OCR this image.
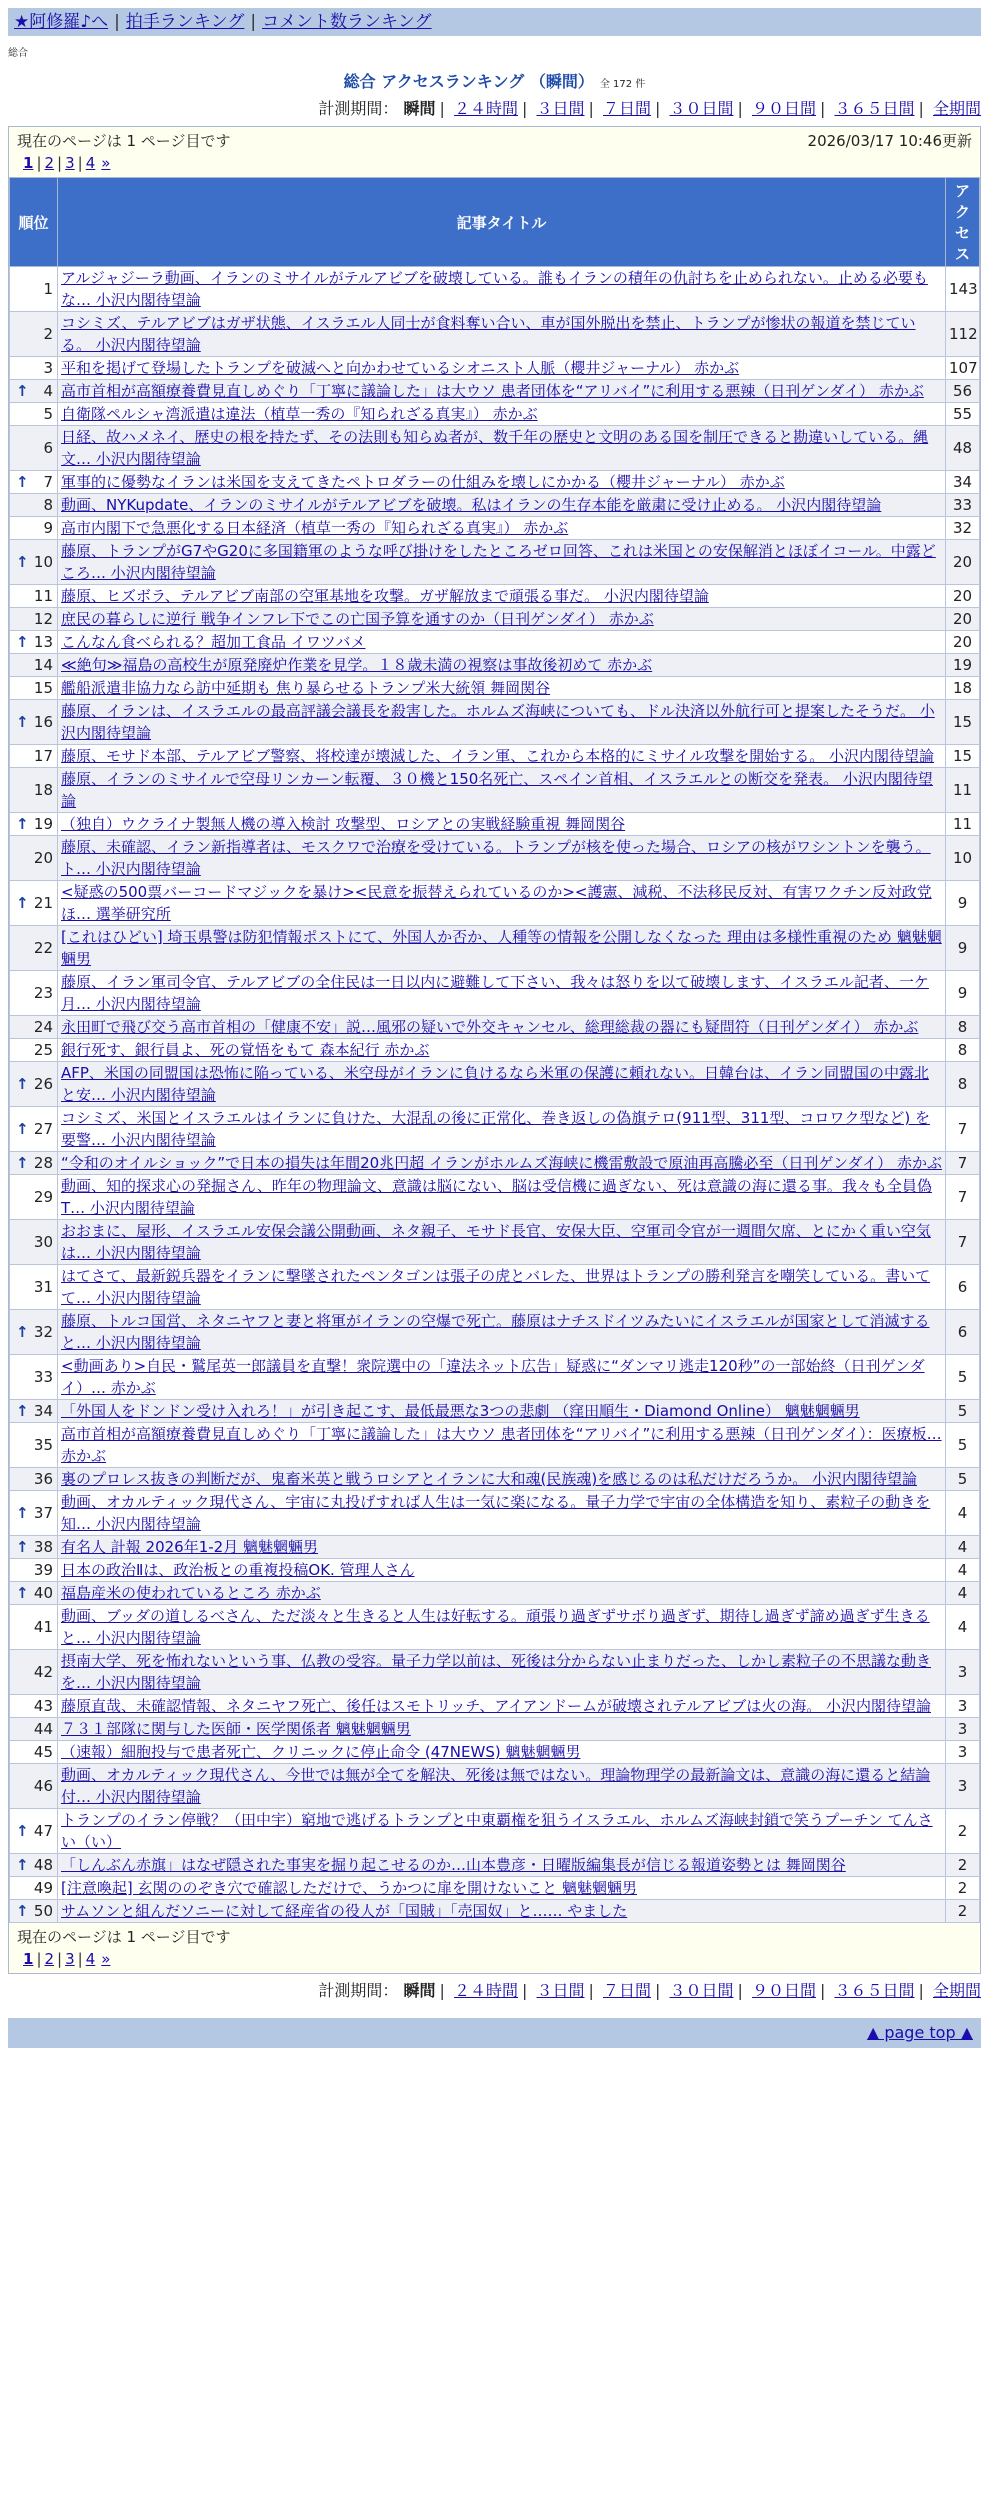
★阿修羅♪へ | 拍手ランキング | コメント数ランキング
総合
総合 アクセスランキング （瞬間） 全 172 件
計測期間： 瞬間 | ２４時間 | ３日間 | ７日間 | ３０日間 | ９０日間 | ３６５日間 | 全期間
現在のページは 1 ページ目です	2026/03/17 10:46更新
1 | 2 | 3 | 4 »
順位	記事タイトル	アクセス
1	アルジャジーラ動画、イランのミサイルがテルアビブを破壊している。誰もイランの積年の仇討ちを止められない。止める必要もな… 小沢内閣待望論	143
2	コシミズ、テルアビブはガザ状態、イスラエル人同士が食料奪い合い、車が国外脱出を禁止、トランプが惨状の報道を禁じている。 小沢内閣待望論	112
3	平和を掲げて登場したトランプを破滅へと向かわせているシオニスト人脈（櫻井ジャーナル） 赤かぶ	107

↑ 4	高市首相が高額療養費見直しめぐり「丁寧に議論した」は大ウソ 患者団体を“アリバイ”に利用する悪辣（日刊ゲンダイ） 赤かぶ	56
5	自衛隊ペルシャ湾派遣は違法（植草一秀の『知られざる真実』） 赤かぶ	55
6	日経、故ハメネイ、歴史の根を持たず、その法則も知らぬ者が、数千年の歴史と文明のある国を制圧できると勘違いしている。縄文… 小沢内閣待望論	48

↑ 7	軍事的に優勢なイランは米国を支えてきたペトロダラーの仕組みを壊しにかかる（櫻井ジャーナル） 赤かぶ	34
8	動画、NYKupdate、イランのミサイルがテルアビブを破壊。私はイランの生存本能を厳粛に受け止める。 小沢内閣待望論	33
9	高市内閣下で急悪化する日本経済（植草一秀の『知られざる真実』） 赤かぶ	32

↑ 10	藤原、トランプがG7やG20に多国籍軍のような呼び掛けをしたところゼロ回答、これは米国との安保解消とほぼイコール。中露どころ… 小沢内閣待望論	20
11	藤原、ヒズボラ、テルアビブ南部の空軍基地を攻撃。ガザ解放まで頑張る事だ。 小沢内閣待望論	20
12	庶民の暮らしに逆行 戦争インフレ下でこの亡国予算を通すのか（日刊ゲンダイ） 赤かぶ	20

↑ 13	こんなん食べられる？超加工食品 イワツバメ	20
14	≪絶句≫福島の高校生が原発廃炉作業を見学。１８歳未満の視察は事故後初めて 赤かぶ	19
15	艦船派遣非協力なら訪中延期も 焦り暴らせるトランプ米大統領 舞岡関谷	18

↑ 16	藤原、イランは、イスラエルの最高評議会議長を殺害した。ホルムズ海峡についても、ドル決済以外航行可と提案したそうだ。 小沢内閣待望論	15
17	藤原、モサド本部、テルアビブ警察、将校達が壊滅した、イラン軍、これから本格的にミサイル攻撃を開始する。 小沢内閣待望論	15
18	藤原、イランのミサイルで空母リンカーン転覆、３０機と150名死亡、スペイン首相、イスラエルとの断交を発表。 小沢内閣待望論	11

↑ 19	（独自）ウクライナ製無人機の導入検討 攻撃型、ロシアとの実戦経験重視 舞岡関谷	11
20	藤原、未確認、イラン新指導者は、モスクワで治療を受けている。トランプが核を使った場合、ロシアの核がワシントンを襲う。ト… 小沢内閣待望論	10

↑ 21	<疑惑の500票バーコードマジックを暴け><民意を振替えられているのか><護憲、減税、不法移民反対、有害ワクチン反対政党ほ… 選挙研究所	9
22	[これはひどい] 埼玉県警は防犯情報ポストにて、外国人か否か、人種等の情報を公開しなくなった 理由は多様性重視のため 魑魅魍魎男	9
23	藤原、イラン軍司令官、テルアビブの全住民は一日以内に避難して下さい、我々は怒りを以て破壊します、イスラエル記者、一ケ月… 小沢内閣待望論	9
24	永田町で飛び交う高市首相の「健康不安」説…風邪の疑いで外交キャンセル、総理総裁の器にも疑問符（日刊ゲンダイ） 赤かぶ	8
25	銀行死す、銀行員よ、死の覚悟をもて 森本紀行 赤かぶ	8

↑ 26	AFP、米国の同盟国は恐怖に陥っている、米空母がイランに負けるなら米軍の保護に頼れない。日韓台は、イラン同盟国の中露北と安… 小沢内閣待望論	8

↑ 27	コシミズ、米国とイスラエルはイランに負けた、大混乱の後に正常化、巻き返しの偽旗テロ(911型、311型、コロワク型など) を要警… 小沢内閣待望論	7

↑ 28	“令和のオイルショック”で日本の損失は年間20兆円超 イランがホルムズ海峡に機雷敷設で原油再高騰必至（日刊ゲンダイ） 赤かぶ	7
29	動画、知的探求心の発掘さん、昨年の物理論文、意識は脳にない、脳は受信機に過ぎない、死は意識の海に還る事。我々も全員偽 T… 小沢内閣待望論	7
30	おおまに、屋形、イスラエル安保会議公開動画、ネタ親子、モサド長官、安保大臣、空軍司令官が一週間欠席、とにかく重い空気は… 小沢内閣待望論	7
31	はてさて、最新鋭兵器をイランに撃墜されたペンタゴンは張子の虎とバレた、世界はトランプの勝利発言を嘲笑している。書いてて… 小沢内閣待望論	6

↑ 32	藤原、トルコ国営、ネタニヤフと妻と将軍がイランの空爆で死亡。藤原はナチスドイツみたいにイスラエルが国家として消滅すると… 小沢内閣待望論	6
33	<動画あり>自民・鷲尾英一郎議員を直撃！衆院選中の「違法ネット広告」疑惑に“ダンマリ逃走120秒”の一部始終（日刊ゲンダイ）… 赤かぶ	5

↑ 34	「外国人をドンドン受け入れろ！」が引き起こす、最低最悪な3つの悲劇 （窪田順生・Diamond Online） 魑魅魍魎男	5
35	高市首相が高額療養費見直しめぐり「丁寧に議論した」は大ウソ 患者団体を“アリバイ”に利用する悪辣（日刊ゲンダイ）：医療板… 赤かぶ	5
36	裏のプロレス抜きの判断だが、鬼畜米英と戦うロシアとイランに大和魂(民族魂)を感じるのは私だけだろうか。 小沢内閣待望論	5

↑ 37	動画、オカルティック現代さん、宇宙に丸投げすれば人生は一気に楽になる。量子力学で宇宙の全体構造を知り、素粒子の動きを知… 小沢内閣待望論	4

↑ 38	有名人 計報 2026年1-2月 魑魅魍魎男	4
39	日本の政治Ⅱは、政治板との重複投稿OK. 管理人さん	4

↑ 40	福島産米の使われているところ 赤かぶ	4
41	動画、ブッダの道しるべさん、ただ淡々と生きると人生は好転する。頑張り過ぎずサボり過ぎず、期待し過ぎず諦め過ぎず生きると… 小沢内閣待望論	4
42	摂南大学、死を怖れないという事、仏教の受容。量子力学以前は、死後は分からない止まりだった、しかし素粒子の不思議な動きを… 小沢内閣待望論	3
43	藤原直哉、未確認情報、ネタニヤフ死亡、後任はスモトリッチ、アイアンドームが破壊されテルアビブは火の海。 小沢内閣待望論	3
44	７３１部隊に関与した医師・医学関係者 魑魅魍魎男	3
45	（速報）細胞投与で患者死亡、クリニックに停止命令 (47NEWS) 魑魅魍魎男	3
46	動画、オカルティック現代さん、今世では無が全てを解決、死後は無ではない。理論物理学の最新論文は、意識の海に還ると結論付… 小沢内閣待望論	3

↑ 47	トランプのイラン停戦？（田中宇）窮地で逃げるトランプと中東覇権を狙うイスラエル、ホルムズ海峡封鎖で笑うプーチン てんさい（い）	2

↑ 48	「しんぶん赤旗」はなぜ隠された事実を掘り起こせるのか…山本豊彦・日曜版編集長が信じる報道姿勢とは 舞岡関谷	2
49	[注意喚起] 玄関ののぞき穴で確認しただけで、うかつに扉を開けないこと 魑魅魍魎男	2

↑ 50	サムソンと組んだソニーに対して経産省の役人が「国賊」「売国奴」と…… やました	2
現在のページは 1 ページ目です
1 | 2 | 3 | 4 »
計測期間： 瞬間 | ２４時間 | ３日間 | ７日間 | ３０日間 | ９０日間 | ３６５日間 | 全期間
▲ page top ▲
